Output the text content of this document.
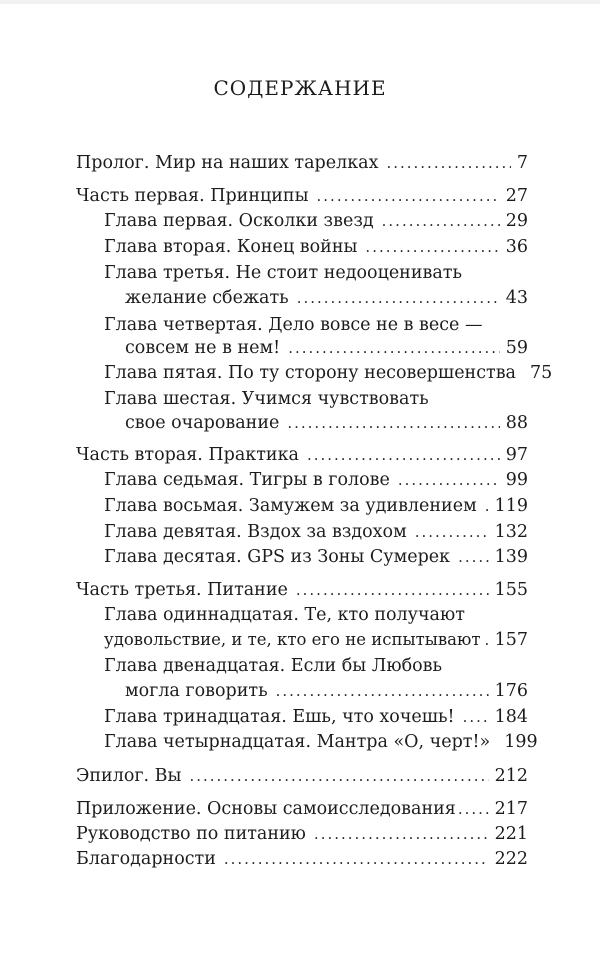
СОДЕРЖАНИЕ
Пролог. Мир на наших тарелках .....	7
Часть первая. Принципы .....	27
Глава первая. Осколки звезд .....	29
Глава вторая. Конец войны .....	36
Глава третья. Не стоит недооценивать
желание сбежать .....	43
Глава четвертая. Дело вовсе не в весе —
совсем не в нем! .....	59
Глава пятая. По ту сторону несовершенства 75
Глава шестая. Учимся чувствовать
свое очарование .....	88
Часть вторая. Практика .....	97
Глава седьмая. Тигры в голове .....	99
Глава восьмая. Замужем за удивлением ..... 119
Глава девятая. Вздох за вздохом .....	132
Глава десятая. GPS из Зоны Сумерек .....	139
Часть третья. Питание .....	155
Глава одиннадцатая. Те, кто получают
удовольствие, и те, кто его не испытывают ..... 157
Глава двенадцатая. Если бы Любовь
могла говорить .....	176
Глава тринадцатая. Ешь, что хочешь! ..... 184
Глава четырнадцатая. Мантра «О, черт!» 199
Эпилог. Вы .....	212
Приложение. Основы самоисследования ..... 217
Руководство по питанию .....	221
Благодарности .....	222
